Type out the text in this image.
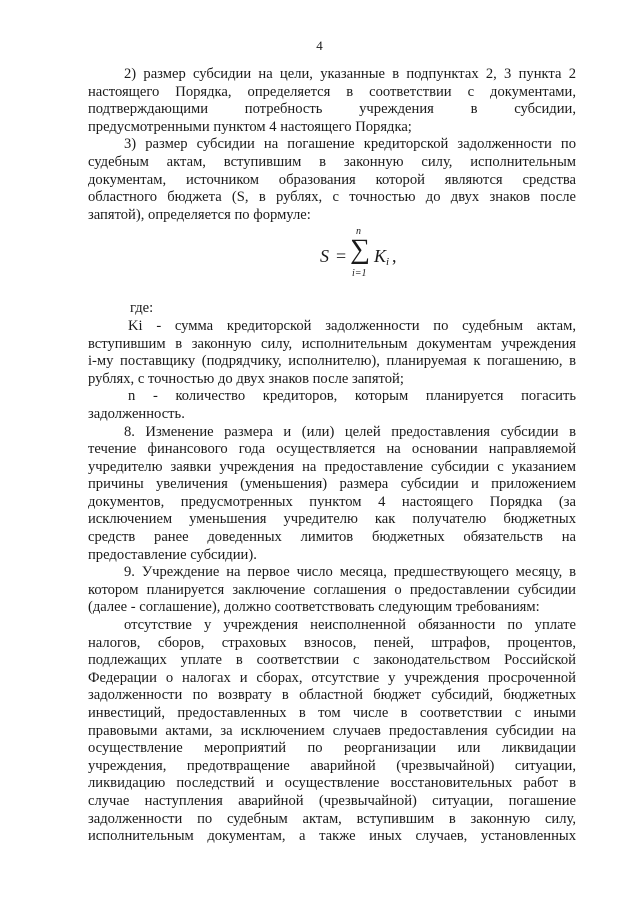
4
2) размер субсидии на цели, указанные в подпунктах 2, 3 пункта 2
настоящего Порядка, определяется в соответствии с документами,
подтверждающими потребность учреждения в субсидии,
предусмотренными пунктом 4 настоящего Порядка;
3) размер субсидии на погашение кредиторской задолженности по
судебным актам, вступившим в законную силу, исполнительным
документам, источником образования которой являются средства
областного бюджета (S, в рублях, с точностью до двух знаков после
запятой), определяется по формуле:
S =
n
∑
i=1
K i ,
где:
Ki - сумма кредиторской задолженности по судебным актам,
вступившим в законную силу, исполнительным документам учреждения
i-му поставщику (подрядчику, исполнителю), планируемая к погашению, в
рублях, с точностью до двух знаков после запятой;
n - количество кредиторов, которым планируется погасить
задолженность.
8. Изменение размера и (или) целей предоставления субсидии в
течение финансового года осуществляется на основании направляемой
учредителю заявки учреждения на предоставление субсидии с указанием
причины увеличения (уменьшения) размера субсидии и приложением
документов, предусмотренных пунктом 4 настоящего Порядка (за
исключением уменьшения учредителю как получателю бюджетных
средств ранее доведенных лимитов бюджетных обязательств на
предоставление субсидии).
9. Учреждение на первое число месяца, предшествующего месяцу, в
котором планируется заключение соглашения о предоставлении субсидии
(далее - соглашение), должно соответствовать следующим требованиям:
отсутствие у учреждения неисполненной обязанности по уплате
налогов, сборов, страховых взносов, пеней, штрафов, процентов,
подлежащих уплате в соответствии с законодательством Российской
Федерации о налогах и сборах, отсутствие у учреждения просроченной
задолженности по возврату в областной бюджет субсидий, бюджетных
инвестиций, предоставленных в том числе в соответствии с иными
правовыми актами, за исключением случаев предоставления субсидии на
осуществление мероприятий по реорганизации или ликвидации
учреждения, предотвращение аварийной (чрезвычайной) ситуации,
ликвидацию последствий и осуществление восстановительных работ в
случае наступления аварийной (чрезвычайной) ситуации, погашение
задолженности по судебным актам, вступившим в законную силу,
исполнительным документам, а также иных случаев, установленных
